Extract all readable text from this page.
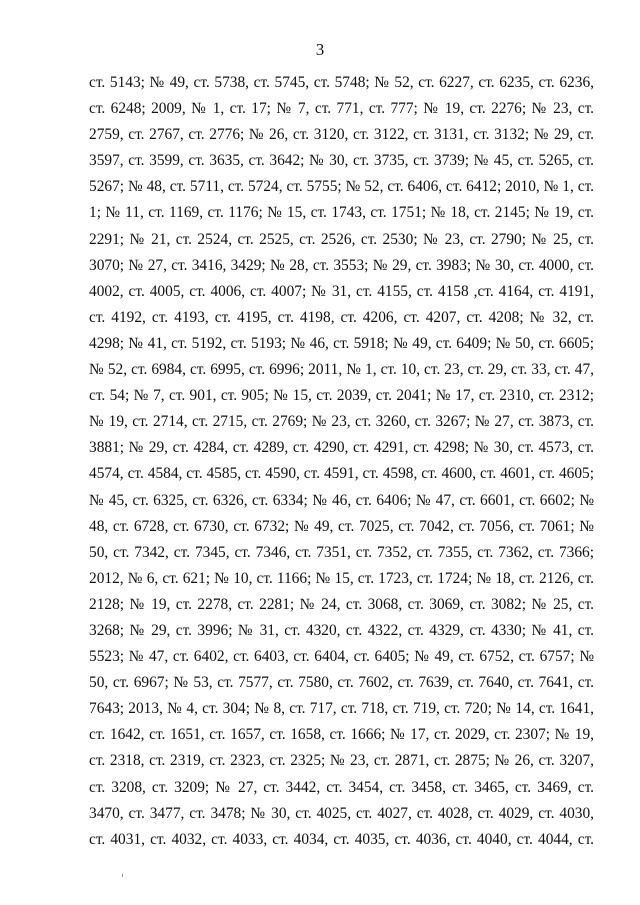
3
ст. 5143; № 49, ст. 5738, ст. 5745, ст. 5748; № 52, ст. 6227, ст. 6235, ст. 6236,
ст. 6248; 2009, № 1, ст. 17; № 7, ст. 771, ст. 777; № 19, ст. 2276; № 23, ст.
2759, ст. 2767, ст. 2776; № 26, ст. 3120, ст. 3122, ст. 3131, ст. 3132; № 29, ст.
3597, ст. 3599, ст. 3635, ст. 3642; № 30, ст. 3735, ст. 3739; № 45, ст. 5265, ст.
5267; № 48, ст. 5711, ст. 5724, ст. 5755; № 52, ст. 6406, ст. 6412; 2010, № 1, ст.
1; № 11, ст. 1169, ст. 1176; № 15, ст. 1743, ст. 1751; № 18, ст. 2145; № 19, ст.
2291; № 21, ст. 2524, ст. 2525, ст. 2526, ст. 2530; № 23, ст. 2790; № 25, ст.
3070; № 27, ст. 3416, 3429; № 28, ст. 3553; № 29, ст. 3983; № 30, ст. 4000, ст.
4002, ст. 4005, ст. 4006, ст. 4007; № 31, ст. 4155, ст. 4158 ,ст. 4164, ст. 4191,
ст. 4192, ст. 4193, ст. 4195, ст. 4198, ст. 4206, ст. 4207, ст. 4208; № 32, ст.
4298; № 41, ст. 5192, ст. 5193; № 46, ст. 5918; № 49, ст. 6409; № 50, ст. 6605;
№ 52, ст. 6984, ст. 6995, ст. 6996; 2011, № 1, ст. 10, ст. 23, ст. 29, ст. 33, ст. 47,
ст. 54; № 7, ст. 901, ст. 905; № 15, ст. 2039, ст. 2041; № 17, ст. 2310, ст. 2312;
№ 19, ст. 2714, ст. 2715, ст. 2769; № 23, ст. 3260, ст. 3267; № 27, ст. 3873, ст.
3881; № 29, ст. 4284, ст. 4289, ст. 4290, ст. 4291, ст. 4298; № 30, ст. 4573, ст.
4574, ст. 4584, ст. 4585, ст. 4590, ст. 4591, ст. 4598, ст. 4600, ст. 4601, ст. 4605;
№ 45, ст. 6325, ст. 6326, ст. 6334; № 46, ст. 6406; № 47, ст. 6601, ст. 6602; №
48, ст. 6728, ст. 6730, ст. 6732; № 49, ст. 7025, ст. 7042, ст. 7056, ст. 7061; №
50, ст. 7342, ст. 7345, ст. 7346, ст. 7351, ст. 7352, ст. 7355, ст. 7362, ст. 7366;
2012, № 6, ст. 621; № 10, ст. 1166; № 15, ст. 1723, ст. 1724; № 18, ст. 2126, ст.
2128; № 19, ст. 2278, ст. 2281; № 24, ст. 3068, ст. 3069, ст. 3082; № 25, ст.
3268; № 29, ст. 3996; № 31, ст. 4320, ст. 4322, ст. 4329, ст. 4330; № 41, ст.
5523; № 47, ст. 6402, ст. 6403, ст. 6404, ст. 6405; № 49, ст. 6752, ст. 6757; №
50, ст. 6967; № 53, ст. 7577, ст. 7580, ст. 7602, ст. 7639, ст. 7640, ст. 7641, ст.
7643; 2013, № 4, ст. 304; № 8, ст. 717, ст. 718, ст. 719, ст. 720; № 14, ст. 1641,
ст. 1642, ст. 1651, ст. 1657, ст. 1658, ст. 1666; № 17, ст. 2029, ст. 2307; № 19,
ст. 2318, ст. 2319, ст. 2323, ст. 2325; № 23, ст. 2871, ст. 2875; № 26, ст. 3207,
ст. 3208, ст. 3209; № 27, ст. 3442, ст. 3454, ст. 3458, ст. 3465, ст. 3469, ст.
3470, ст. 3477, ст. 3478; № 30, ст. 4025, ст. 4027, ст. 4028, ст. 4029, ст. 4030,
ст. 4031, ст. 4032, ст. 4033, ст. 4034, ст. 4035, ст. 4036, ст. 4040, ст. 4044, ст.
